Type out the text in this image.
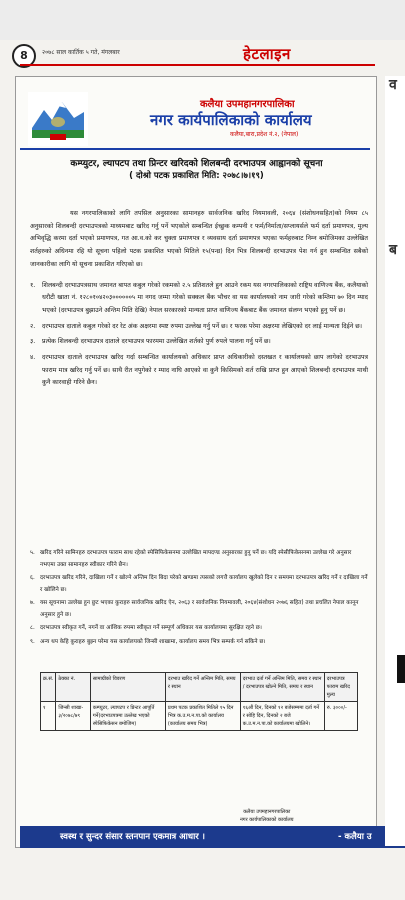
8	२०७८ साल कार्तिक ५ गते, मंगलबार	हेटलाइन
कलैया उपमहानगरपालिका
नगर कार्यपालिकाको कार्यालय
कलैया,बारा,प्रदेश नं.२, (नेपाल)
कम्प्युटर, ल्यापटप तथा प्रिन्टर खरिदको शिलबन्दी दरभाउपत्र आह्वानको सूचना
( दोश्रो पटक प्रकाशित मिति: २०७८।७।१९)

यस नगरपालिकाको लागि तपसिल अनुसारका सामानहरु सार्वजनिक खरिद नियमावली, २०६४ (संशोधनसहित)को नियम ८५ अनुसारको शिलबन्दी दरभाउपत्रको माध्यमबाट खरिद गर्नु पर्ने भएकोले सम्बन्धित ईच्छुक कम्पनी र फर्म/निर्माता/सप्लायर्सले फर्म दर्ता प्रमाणपत्र, मुल्य अभिवृद्धि करमा दर्ता भएको प्रमाणपत्र, गत आ.व.को कर चुक्ता प्रमाणपत्र र व्यवसाय दर्ता प्रमाणपत्र भएका फर्महरुबाट निम्न बमोजिमका उल्लेखित शर्तहरुको अधिनमा रहि यो सूचना पहिलो पटक प्रकाशित भएको मितिले १५(पन्ध्र) दिन भित्र शिलबन्दी दरभाउपत्र पेश गर्न हुन सम्बन्धित सबैको जानकारीका लागि यो सूचना प्रकाशित गरिएको छ।

१. शिलबन्दी दरभाउपत्रसाथ जमानत बापत कबुल गरेको रकमको २.५ प्रतिशतले हुन आउने रकम यस नगरपालिकाको राष्ट्रिय वाणिज्य बैंक, कलैयाको धरौटी खाता नं. १२८०१०४२०३००००००५ मा नगद जम्मा गरेको सक्कल बैंक भौचर वा यस कार्यालयको नाम जारी गरेको कम्तिमा ७० दिन म्याद भएको (दरभाउपत्र बुझाउने अन्तिम मिति देखि) नेपाल सरकारको मान्यता प्राप्त वाणिज्य बैंकबाट बैंक जमानत संलग्न भएको हुनु पर्ने छ।
२. दरभाउपत्र दाताले कबुल गरेको दर रेट अंक अक्षरमा स्पष्ट रुपमा उल्लेख गर्नु पर्ने छ। र फरक परेमा अक्षरमा लेखिएको दर लाई मान्यता दिईने छ।
३. प्रत्येक शिलबन्दी दरभाउपत्र दाताले दरभाउपत्र फारममा उल्लेखित शर्तको पुर्ण रुपले पालना गर्नु पर्ने छ।
४. दरभाउपत्र दाताले दरभाउपत्र खरिद गर्दा सम्बन्धित कार्यालयको अधिकार प्राप्त अधिकारीको दस्तखत र कार्यालयको छाप लागेको दरभाउपत्र फाराम मात्र खरिद गर्नु पर्ने छ। साथै रीत नपुगेको र म्याद नाघि आएको वा कुनै किसिमको शर्त राखि प्राप्त हुन आएको शिलबन्दी दरभाउपत्र माथी कुनै कारवाही गरिने छैन।
५. खरिद गरिने सामिनहरु दरभाउपत्र फाराम साथ रहेको स्पेसिफिकेसनमा उल्लेखित मापदण्ड अनुसारका हुनु पर्ने छ। यदि स्पेसीफिकेसनमा उल्लेख गरे अनुसार नभएमा उक्त सामानहरु स्वीकार गरिने छैन।
६. दरभाउपत्र खरिद गरिने, दाखिला गर्ने र खोल्ने अन्तिम दिन बिदा परेको खण्डमा त्यसको लगत्तै कार्यालय खुलेको दिन र समयमा दरभाउपत्र खरिद गर्ने र दाखिला गर्ने र खोलिने छ।
७. यस सूचनामा उल्लेख हुन छुट भएका कुराहरु सार्वजनिक खरिद ऐन, २०६३ र सार्वजनिक नियमावली, २०६४(संशोधन २०७६ सहित) तथा प्रचलित नेपाल कानून अनुसार हुने छ।
८. दरभाउपत्र स्वीकृत गर्ने, नगर्ने वा आंशिक रुपमा स्वीकृत गर्ने सम्पूर्ण अधिकार यस कार्यालयमा सुरक्षित रहने छ।
९. अन्य थप केहि कुराहरु बुझ्न परेमा यस कार्यालयको जिन्सी शाखामा, कार्यालय समय भित्र सम्पर्क गर्न सकिने छ।
क्र.सं.	ठेक्का नं.	सामाग्रीको विवरण	दरभाउ खरिद गर्ने अन्तिम मिति, समय र स्थान	दरभाउ दर्ता गर्ने अन्तिम मिति, समय र स्थान / दरभाउपत्र खोल्ने मिति, समय र स्थान	दरभाउपत्र फाराम खरिद मुल्य
१	जिन्सी शाखा- ३/२०७८/७९	कम्प्युटर, ल्यापटप र प्रिन्टर आपूर्ति गर्ने(दरभाउपत्रमा उल्लेख भएको स्पेसिफिकेसन बमोजिम)	प्रथम पटक प्रकाशित मितिले १५ दिन भित्र क.उ.म.न.पा.को कार्यालय (कार्यालय समय भित्र)	१६औं दिन, दिनको १२ बजेसम्ममा दर्ता गर्ने र सोहि दिन, दिनको २ बजे क.उ.म.न.पा.को कार्यालयमा खोलिने।	रु. ३०००/-
कलैया उपमहानगरपालिका
नगर कार्यपालिकाको कार्यालय
स्वस्थ र सुन्दर संसार स्तनपान एकमात्र आधार ।	- कलैया उ
व
ब
